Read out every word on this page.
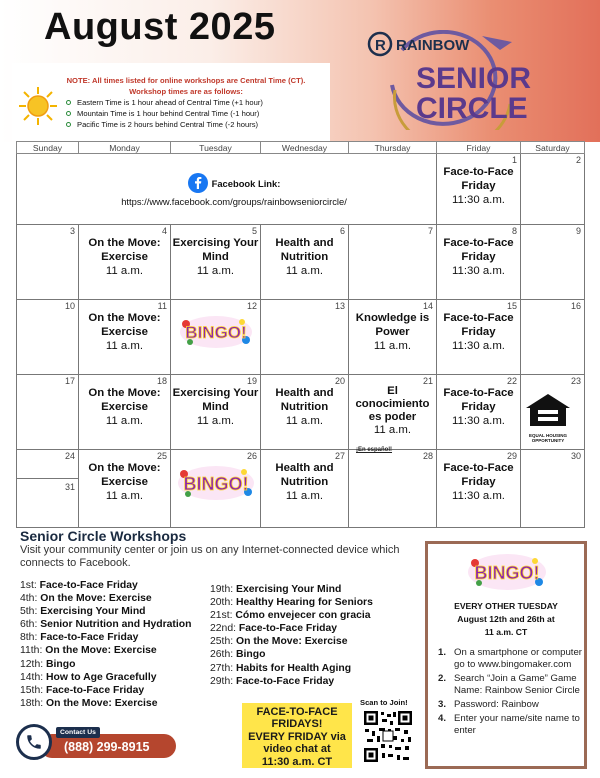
August 2025	R RAINBOW
SENIOR
CIRCLE
NOTE: All times listed for online workshops are Central Time (CT).
Workshop times are as follows:
Eastern Time is 1 hour ahead of Central Time (+1 hour)
Mountain Time is 1 hour behind Central Time (-1 hour)
Pacific Time is 2 hours behind Central Time (-2 hours)
Sunday	Monday	Tuesday	Wednesday	Thursday	Friday	Saturday

					1
Face-to-Face Friday
11:30 a.m.	2

3	4
On the Move: Exercise
11 a.m.	5
Exercising Your Mind
11 a.m.	6
Health and Nutrition
11 a.m.	7	8
Face-to-Face Friday
11:30 a.m.	9

10	11
On the Move: Exercise
11 a.m.	12
BINGO!	13	14
Knowledge is Power
11 a.m.	15
Face-to-Face Friday
11:30 a.m.	16

17	18
On the Move: Exercise
11 a.m.	19
Exercising Your Mind
11 a.m.	20
Health and Nutrition
11 a.m.	21
El conocimiento es poder
11 a.m.	22
Face-to-Face Friday
11:30 a.m.	23

24
31	25
On the Move: Exercise
11 a.m.	26
BINGO!	27
Health and Nutrition
11 a.m.	28	29
Face-to-Face Friday
11:30 a.m.	30
Facebook Link:
https://www.facebook.com/groups/rainbowseniorcircle/
¡En español!
EQUAL HOUSING OPPORTUNITY
Senior Circle Workshops
Visit your community center or join us on any Internet-connected device which connects to Facebook.
1st: Face-to-Face Friday
4th: On the Move: Exercise
5th: Exercising Your Mind
6th: Senior Nutrition and Hydration
8th: Face-to-Face Friday
11th: On the Move: Exercise
12th: Bingo
14th: How to Age Gracefully
15th: Face-to-Face Friday
18th: On the Move: Exercise
19th: Exercising Your Mind
20th: Healthy Hearing for Seniors
21st: Cómo envejecer con gracia
22nd: Face-to-Face Friday
25th: On the Move: Exercise
26th: Bingo
27th: Habits for Health Aging
29th: Face-to-Face Friday
BINGO!
EVERY OTHER TUESDAY
August 12th and 26th at
11 a.m. CT
1. On a smartphone or computer go to www.bingomaker.com
2. Search “Join a Game” Game Name: Rainbow Senior Circle
3. Password: Rainbow
4. Enter your name/site name to enter
Contact Us
(888) 299-8915
FACE-TO-FACE
FRIDAYS!
EVERY FRIDAY via
video chat at
11:30 a.m. CT
Scan to Join!
